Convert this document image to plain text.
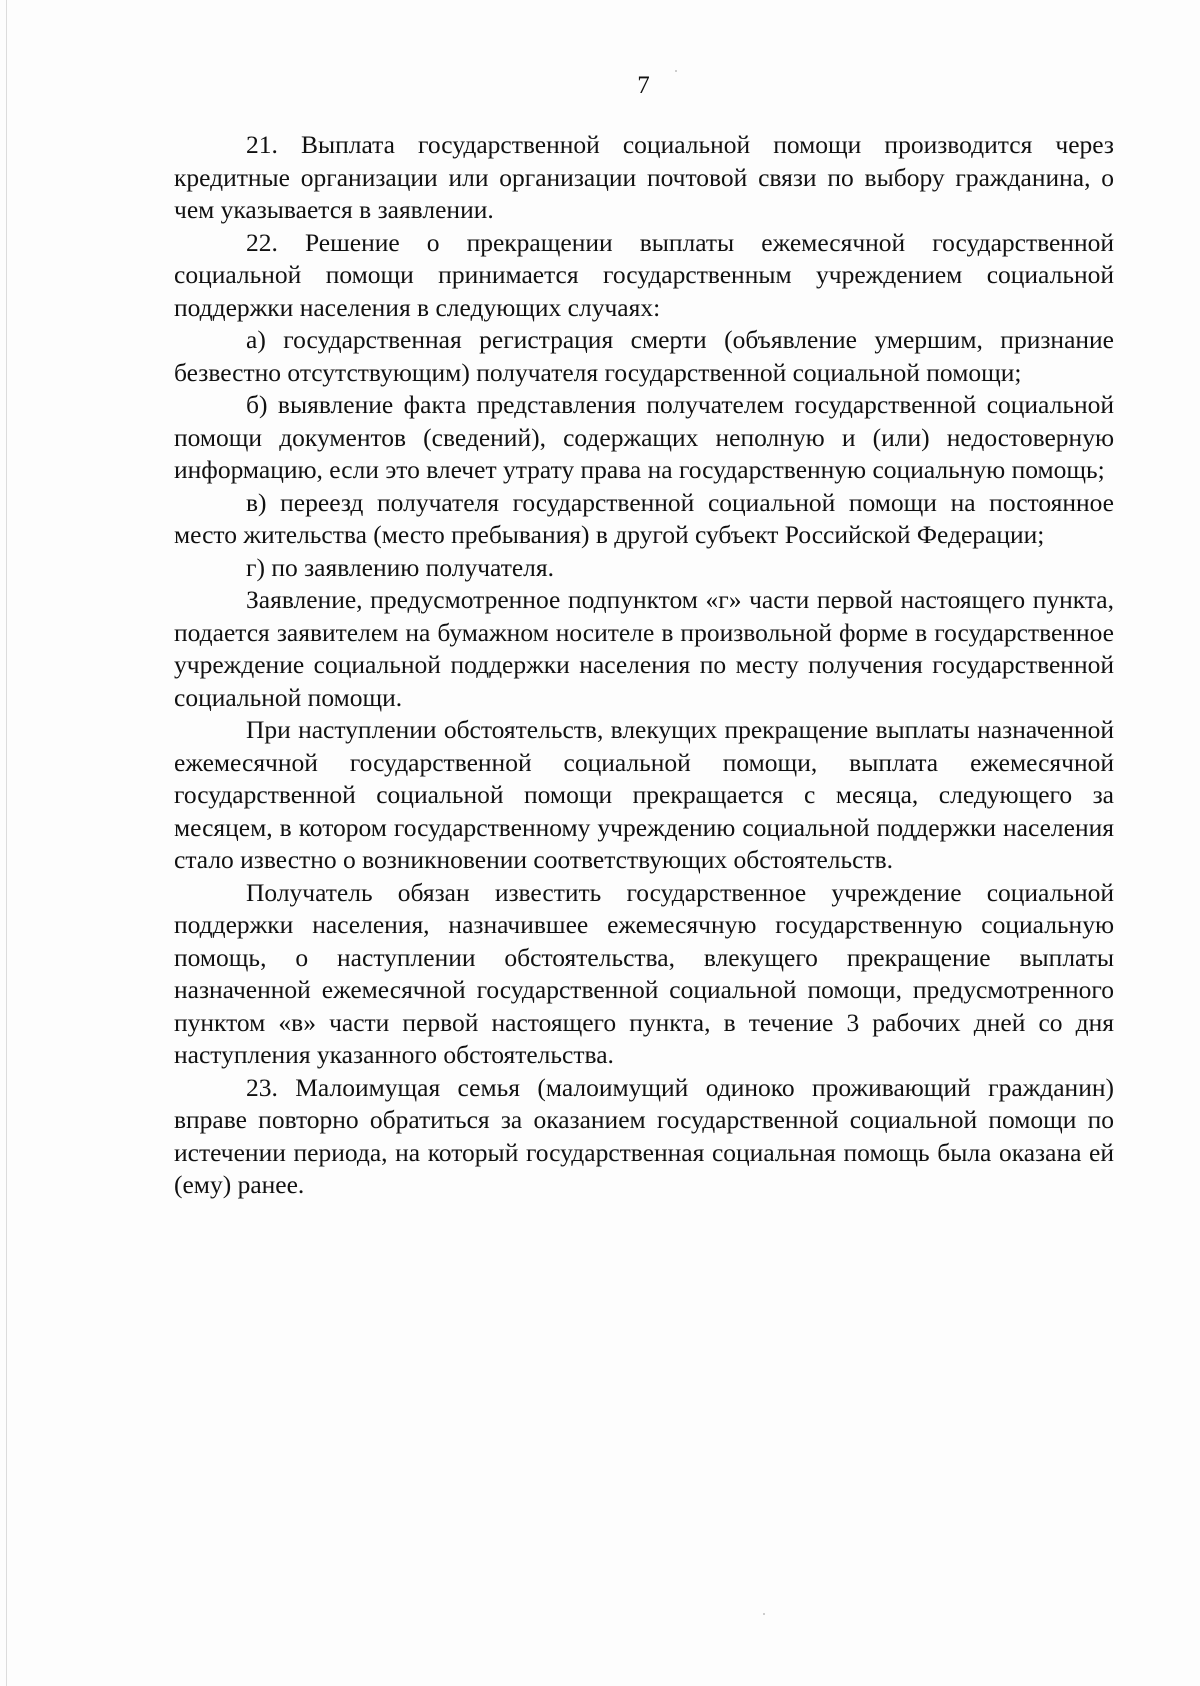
7

21. Выплата государственной социальной помощи производится через кредитные организации или организации почтовой связи по выбору гражданина, о чем указывается в заявлении.

22. Решение о прекращении выплаты ежемесячной государственной социальной помощи принимается государственным учреждением социальной поддержки населения в следующих случаях:

а) государственная регистрация смерти (объявление умершим, признание безвестно отсутствующим) получателя государственной социальной помощи;

б) выявление факта представления получателем государственной социальной помощи документов (сведений), содержащих неполную и (или) недостоверную информацию, если это влечет утрату права на государственную социальную помощь;

в) переезд получателя государственной социальной помощи на постоянное место жительства (место пребывания) в другой субъект Российской Федерации;

г) по заявлению получателя.

Заявление, предусмотренное подпунктом «г» части первой настоящего пункта, подается заявителем на бумажном носителе в произвольной форме в государственное учреждение социальной поддержки населения по месту получения государственной социальной помощи.

При наступлении обстоятельств, влекущих прекращение выплаты назначенной ежемесячной государственной социальной помощи, выплата ежемесячной государственной социальной помощи прекращается с месяца, следующего за месяцем, в котором государственному учреждению социальной поддержки населения стало известно о возникновении соответствующих обстоятельств.

Получатель обязан известить государственное учреждение социальной поддержки населения, назначившее ежемесячную государственную социальную помощь, о наступлении обстоятельства, влекущего прекращение выплаты назначенной ежемесячной государственной социальной помощи, предусмотренного пунктом «в» части первой настоящего пункта, в течение 3 рабочих дней со дня наступления указанного обстоятельства.

23. Малоимущая семья (малоимущий одиноко проживающий гражданин) вправе повторно обратиться за оказанием государственной социальной помощи по истечении периода, на который государственная социальная помощь была оказана ей (ему) ранее.
